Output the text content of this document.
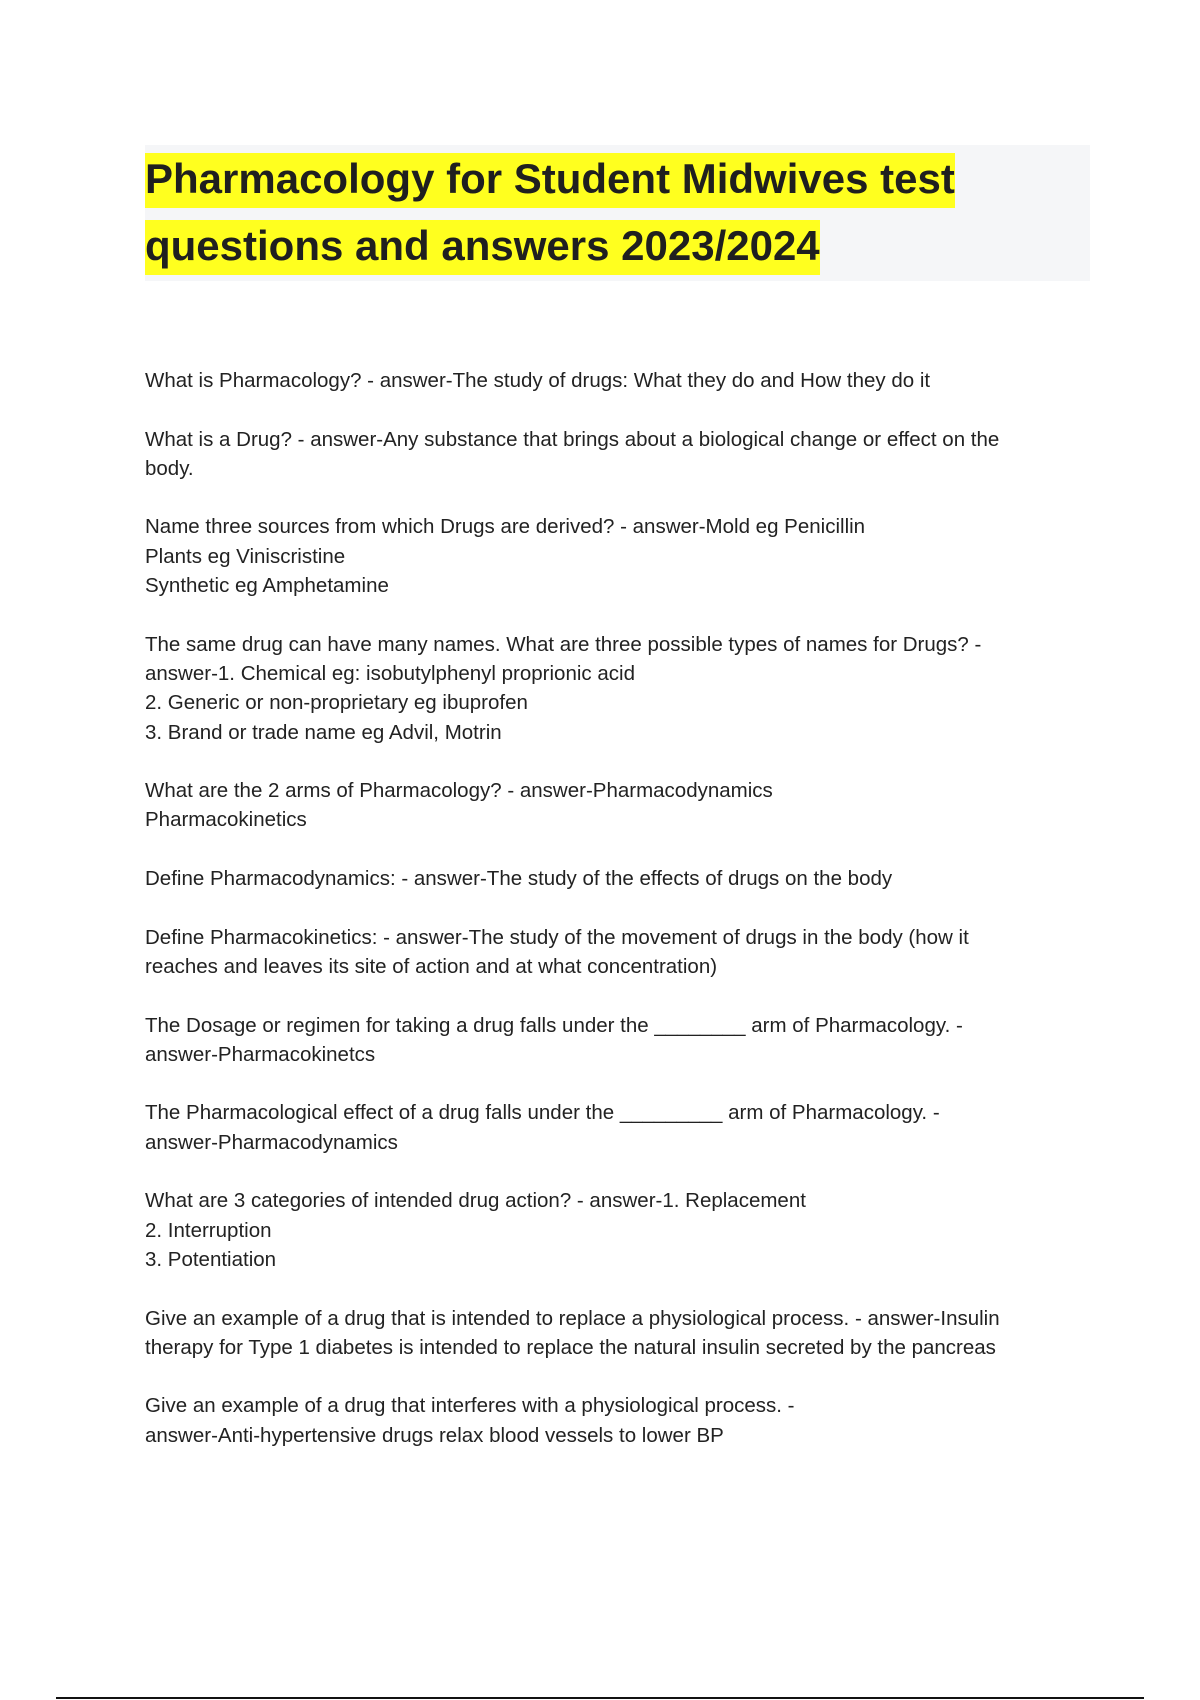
Pharmacology for Student Midwives test
questions and answers 2023/2024

What is Pharmacology? - answer-The study of drugs: What they do and How they do it

What is a Drug? - answer-Any substance that brings about a biological change or effect on the
body.

Name three sources from which Drugs are derived? - answer-Mold eg Penicillin
Plants eg Viniscristine
Synthetic eg Amphetamine

The same drug can have many names. What are three possible types of names for Drugs? -
answer-1. Chemical eg: isobutylphenyl proprionic acid
2. Generic or non-proprietary eg ibuprofen
3. Brand or trade name eg Advil, Motrin

What are the 2 arms of Pharmacology? - answer-Pharmacodynamics
Pharmacokinetics

Define Pharmacodynamics: - answer-The study of the effects of drugs on the body

Define Pharmacokinetics: - answer-The study of the movement of drugs in the body (how it
reaches and leaves its site of action and at what concentration)

The Dosage or regimen for taking a drug falls under the ________ arm of Pharmacology. -
answer-Pharmacokinetcs

The Pharmacological effect of a drug falls under the _________ arm of Pharmacology. -
answer-Pharmacodynamics

What are 3 categories of intended drug action? - answer-1. Replacement
2. Interruption
3. Potentiation

Give an example of a drug that is intended to replace a physiological process. - answer-Insulin
therapy for Type 1 diabetes is intended to replace the natural insulin secreted by the pancreas

Give an example of a drug that interferes with a physiological process. -
answer-Anti-hypertensive drugs relax blood vessels to lower BP
